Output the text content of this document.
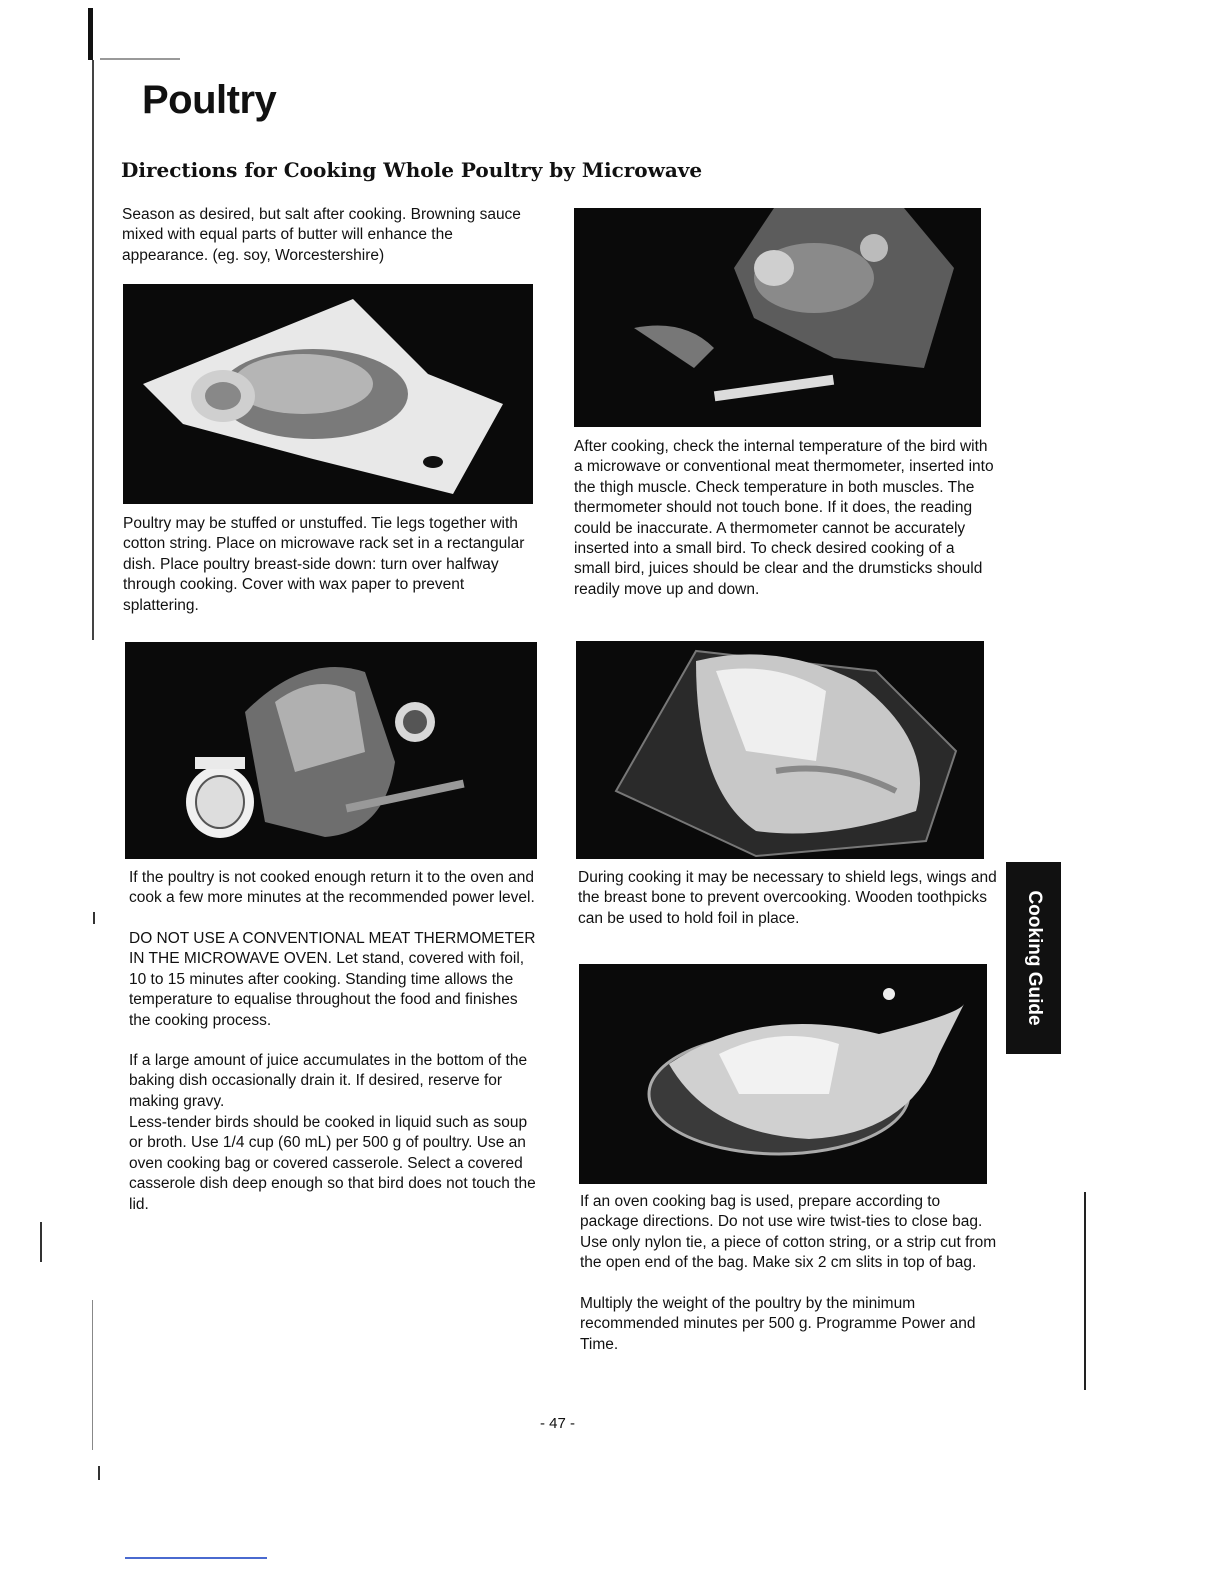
Poultry
Directions for Cooking Whole Poultry by Microwave

Season as desired, but salt after cooking. Browning sauce mixed with equal parts of butter will enhance the appearance. (eg. soy, Worcestershire)

Poultry may be stuffed or unstuffed. Tie legs together with cotton string. Place on microwave rack set in a rectangular dish. Place poultry breast-side down: turn over halfway through cooking. Cover with wax paper to prevent splattering.

If the poultry is not cooked enough return it to the oven and cook a few more minutes at the recommended power level.

DO NOT USE A CONVENTIONAL MEAT THERMOMETER IN THE MICROWAVE OVEN. Let stand, covered with foil, 10 to 15 minutes after cooking. Standing time allows the temperature to equalise throughout the food and finishes the cooking process.

If a large amount of juice accumulates in the bottom of the baking dish occasionally drain it. If desired, reserve for making gravy.

Less-tender birds should be cooked in liquid such as soup or broth. Use 1/4 cup (60 mL) per 500 g of poultry. Use an oven cooking bag or covered casserole. Select a covered casserole dish deep enough so that bird does not touch the lid.

After cooking, check the internal temperature of the bird with a microwave or conventional meat thermometer, inserted into the thigh muscle. Check temperature in both muscles. The thermometer should not touch bone. If it does, the reading could be inaccurate. A thermometer cannot be accurately inserted into a small bird. To check desired cooking of a small bird, juices should be clear and the drumsticks should readily move up and down.

During cooking it may be necessary to shield legs, wings and the breast bone to prevent overcooking. Wooden toothpicks can be used to hold foil in place.

If an oven cooking bag is used, prepare according to package directions. Do not use wire twist-ties to close bag. Use only nylon tie, a piece of cotton string, or a strip cut from the open end of the bag. Make six 2 cm slits in top of bag.

Multiply the weight of the poultry by the minimum recommended minutes per 500 g. Programme Power and Time.

Cooking Guide
- 47 -
